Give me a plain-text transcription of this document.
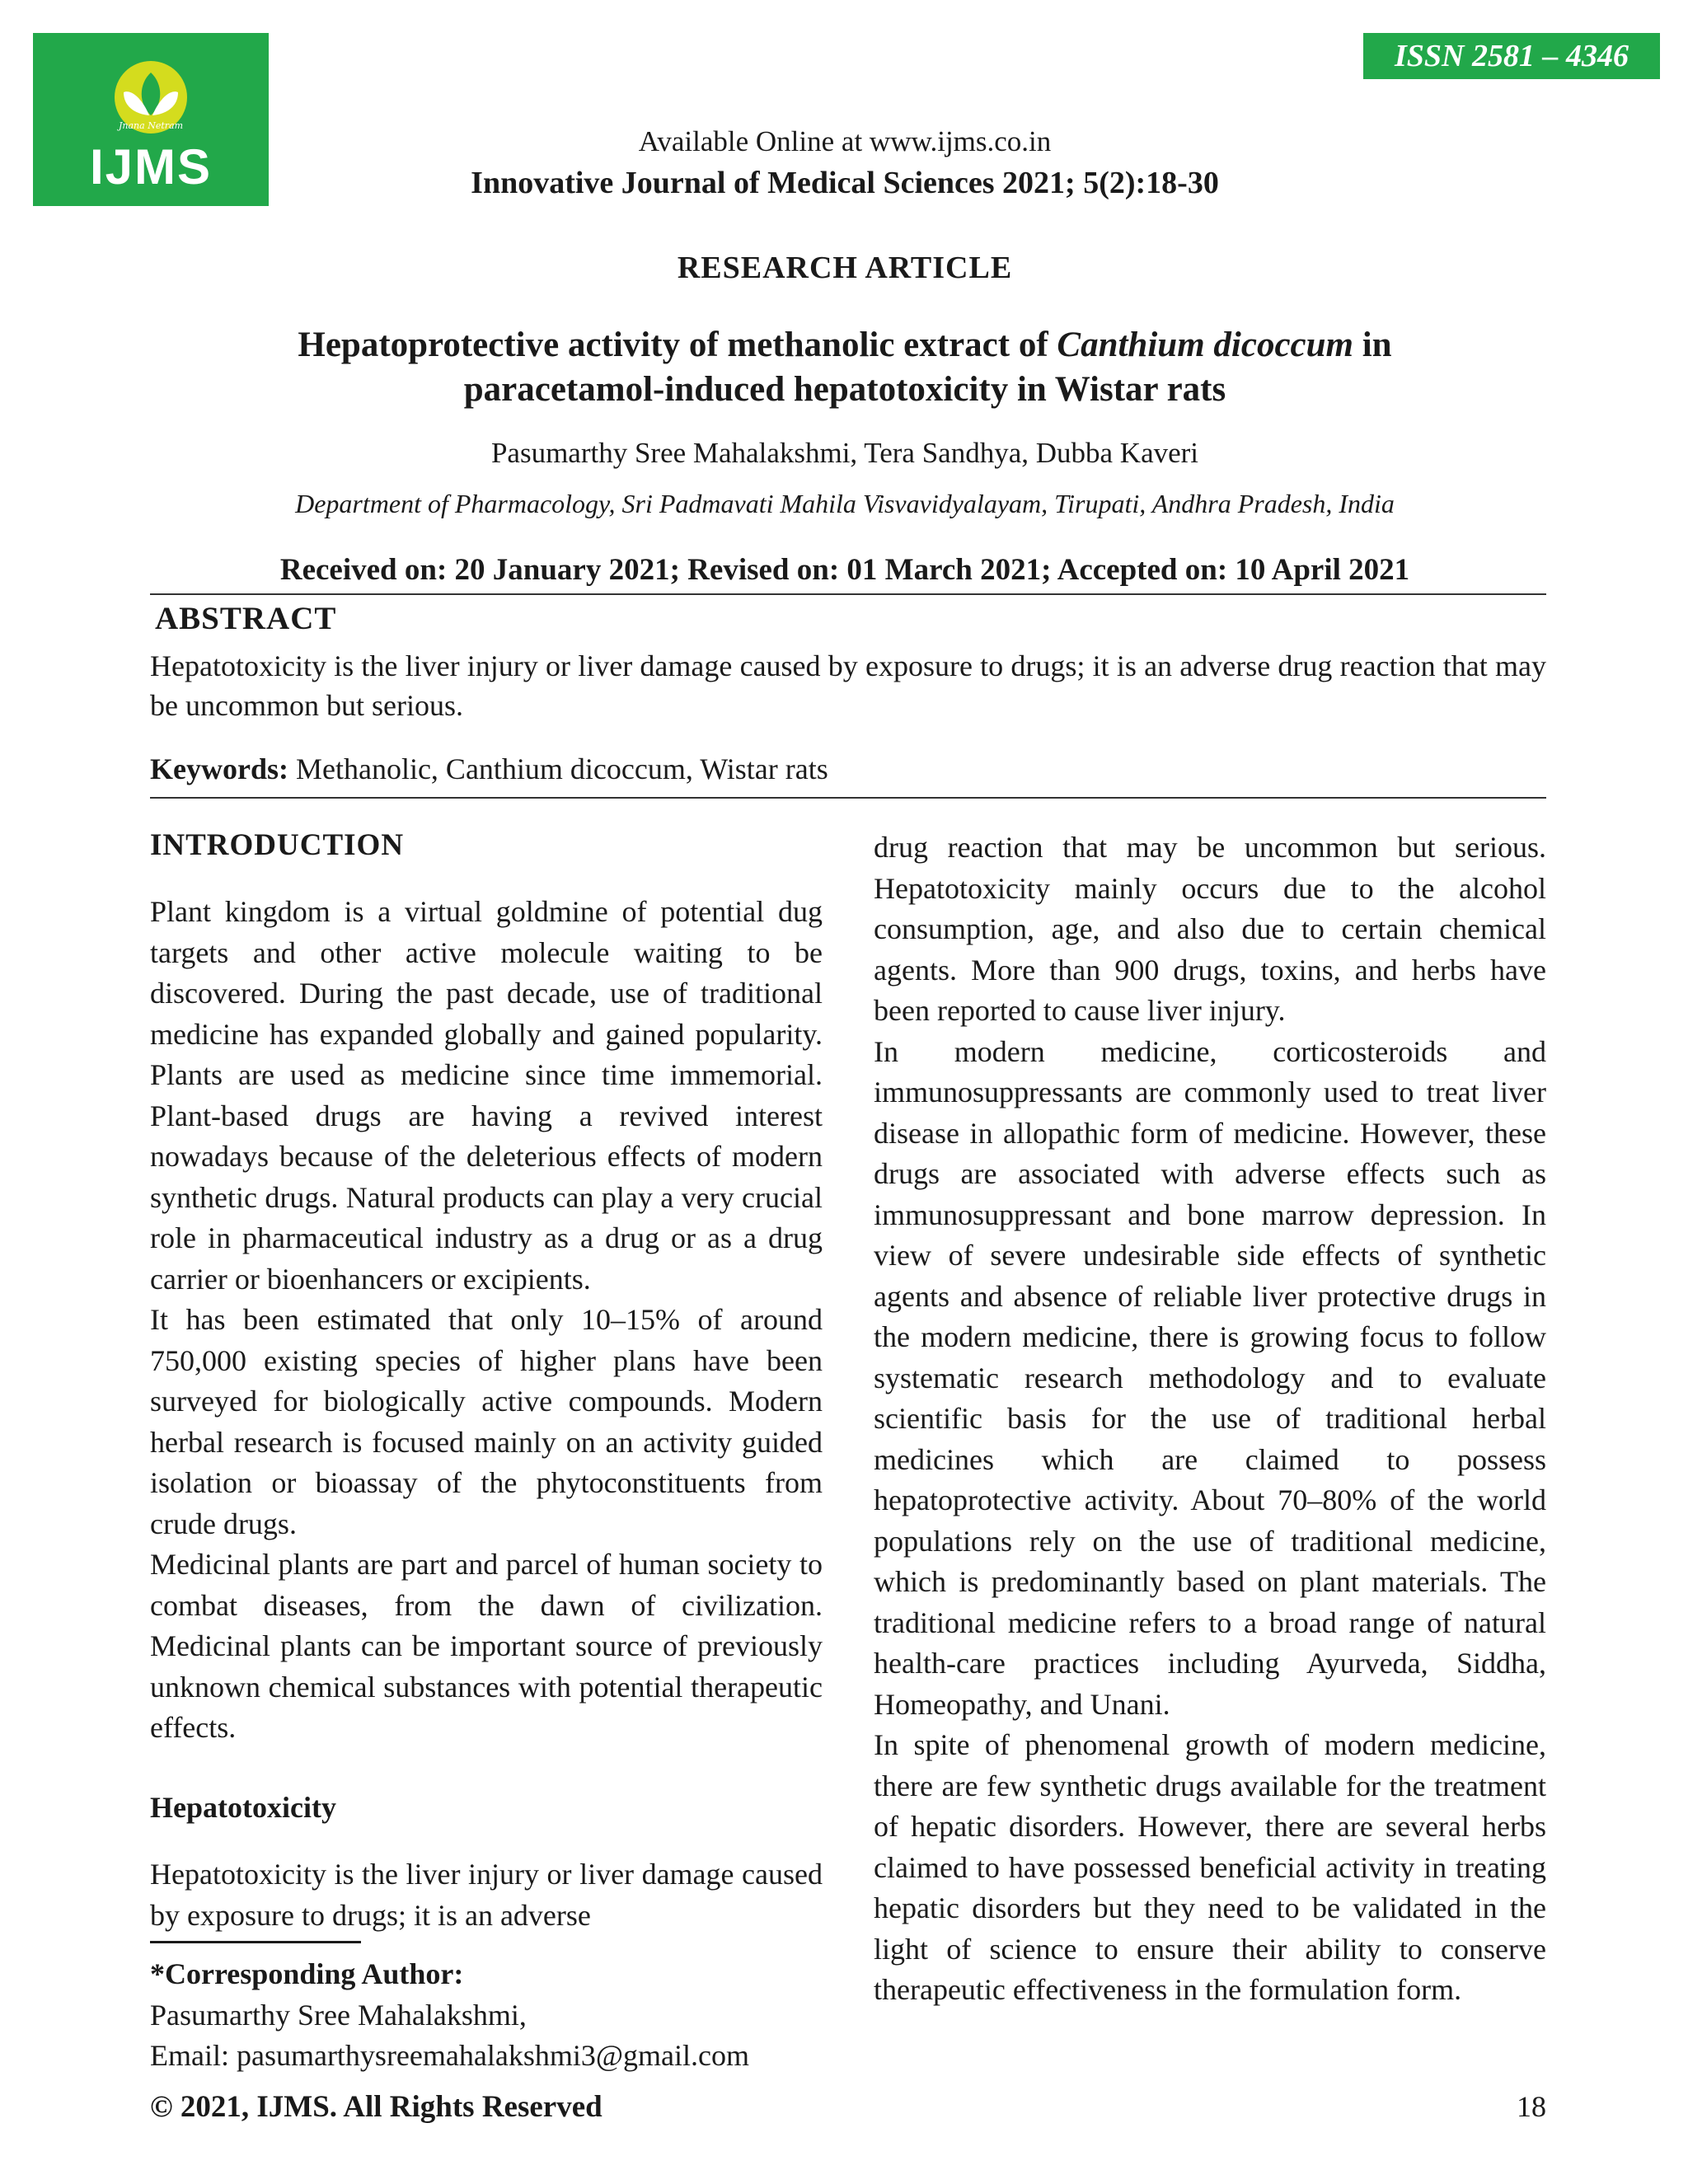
Jnana Netram
IJMS
ISSN 2581 – 4346
Available Online at www.ijms.co.in
Innovative Journal of Medical Sciences 2021; 5(2):18-30
RESEARCH ARTICLE
Hepatoprotective activity of methanolic extract of Canthium dicoccum in
paracetamol-induced hepatotoxicity in Wistar rats
Pasumarthy Sree Mahalakshmi, Tera Sandhya, Dubba Kaveri
Department of Pharmacology, Sri Padmavati Mahila Visvavidyalayam, Tirupati, Andhra Pradesh, India
Received on: 20 January 2021; Revised on: 01 March 2021; Accepted on: 10 April 2021
ABSTRACT
Hepatotoxicity is the liver injury or liver damage caused by exposure to drugs; it is an adverse drug reaction that may be uncommon but serious.
Keywords: Methanolic, Canthium dicoccum, Wistar rats
INTRODUCTION

Plant kingdom is a virtual goldmine of potential dug targets and other active molecule waiting to be discovered. During the past decade, use of traditional medicine has expanded globally and gained popularity. Plants are used as medicine since time immemorial. Plant-based drugs are having a revived interest nowadays because of the deleterious effects of modern synthetic drugs. Natural products can play a very crucial role in pharmaceutical industry as a drug or as a drug carrier or bioenhancers or excipients.

It has been estimated that only 10–15% of around 750,000 existing species of higher plans have been surveyed for biologically active compounds. Modern herbal research is focused mainly on an activity guided isolation or bioassay of the phytoconstituents from crude drugs.

Medicinal plants are part and parcel of human society to combat diseases, from the dawn of civilization. Medicinal plants can be important source of previously unknown chemical substances with potential therapeutic effects.

Hepatotoxicity

Hepatotoxicity is the liver injury or liver damage caused by exposure to drugs; it is an adverse

*Corresponding Author:
Pasumarthy Sree Mahalakshmi,
Email: pasumarthysreemahalakshmi3@gmail.com

drug reaction that may be uncommon but serious. Hepatotoxicity mainly occurs due to the alcohol consumption, age, and also due to certain chemical agents. More than 900 drugs, toxins, and herbs have been reported to cause liver injury.

In modern medicine, corticosteroids and immunosuppressants are commonly used to treat liver disease in allopathic form of medicine. However, these drugs are associated with adverse effects such as immunosuppressant and bone marrow depression. In view of severe undesirable side effects of synthetic agents and absence of reliable liver protective drugs in the modern medicine, there is growing focus to follow systematic research methodology and to evaluate scientific basis for the use of traditional herbal medicines which are claimed to possess hepatoprotective activity. About 70–80% of the world populations rely on the use of traditional medicine, which is predominantly based on plant materials. The traditional medicine refers to a broad range of natural health-care practices including Ayurveda, Siddha, Homeopathy, and Unani.

In spite of phenomenal growth of modern medicine, there are few synthetic drugs available for the treatment of hepatic disorders. However, there are several herbs claimed to have possessed beneficial activity in treating hepatic disorders but they need to be validated in the light of science to ensure their ability to conserve therapeutic effectiveness in the formulation form.

© 2021, IJMS. All Rights Reserved	18
